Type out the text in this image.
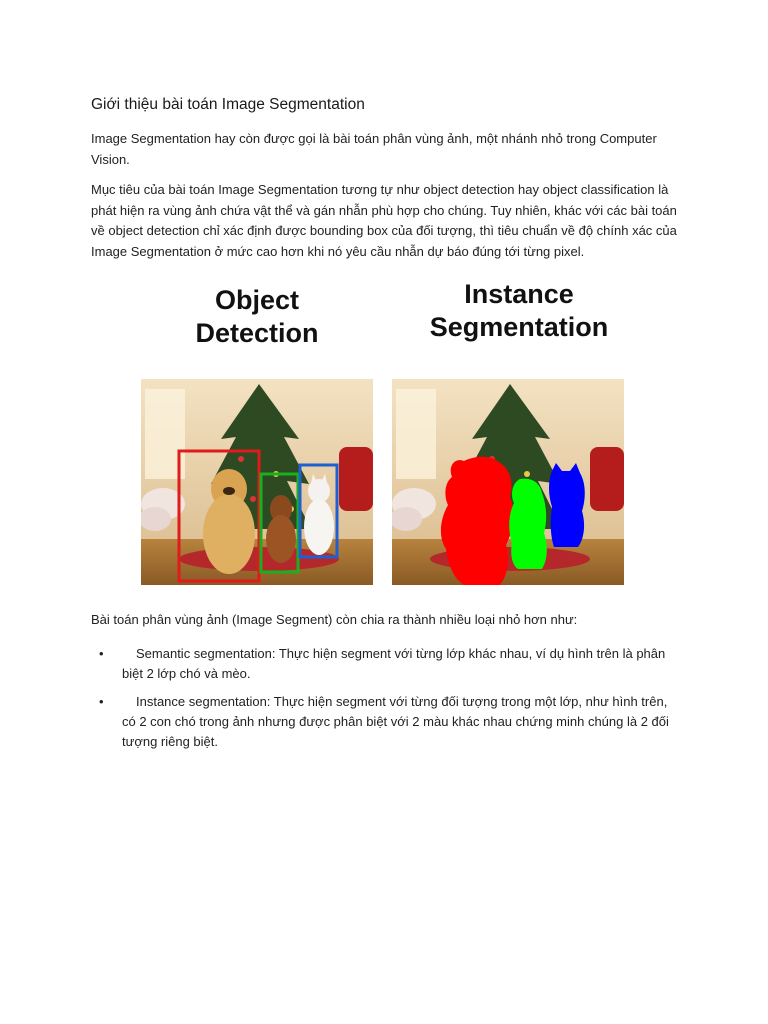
Giới thiệu bài toán Image Segmentation

Image Segmentation hay còn được gọi là bài toán phân vùng ảnh, một nhánh nhỏ trong Computer Vision.

Mục tiêu của bài toán Image Segmentation tương tự như object detection hay object classification là phát hiện ra vùng ảnh chứa vật thể và gán nhẫn phù hợp cho chúng. Tuy nhiên, khác với các bài toán về object detection chỉ xác định được bounding box của đối tượng, thì tiêu chuẩn về độ chính xác của Image Segmentation ở mức cao hơn khi nó yêu cầu nhẫn dự báo đúng tới từng pixel.

Object
Detection
Instance
Segmentation

Bài toán phân vùng ảnh (Image Segment) còn chia ra thành nhiều loại nhỏ hơn như:

• Semantic segmentation: Thực hiện segment với từng lớp khác nhau, ví dụ hình trên là phân biệt 2 lớp chó và mèo.
• Instance segmentation: Thực hiện segment với từng đối tượng trong một lớp, như hình trên, có 2 con chó trong ảnh nhưng được phân biệt với 2 màu khác nhau chứng minh chúng là 2 đối tượng riêng biệt.
